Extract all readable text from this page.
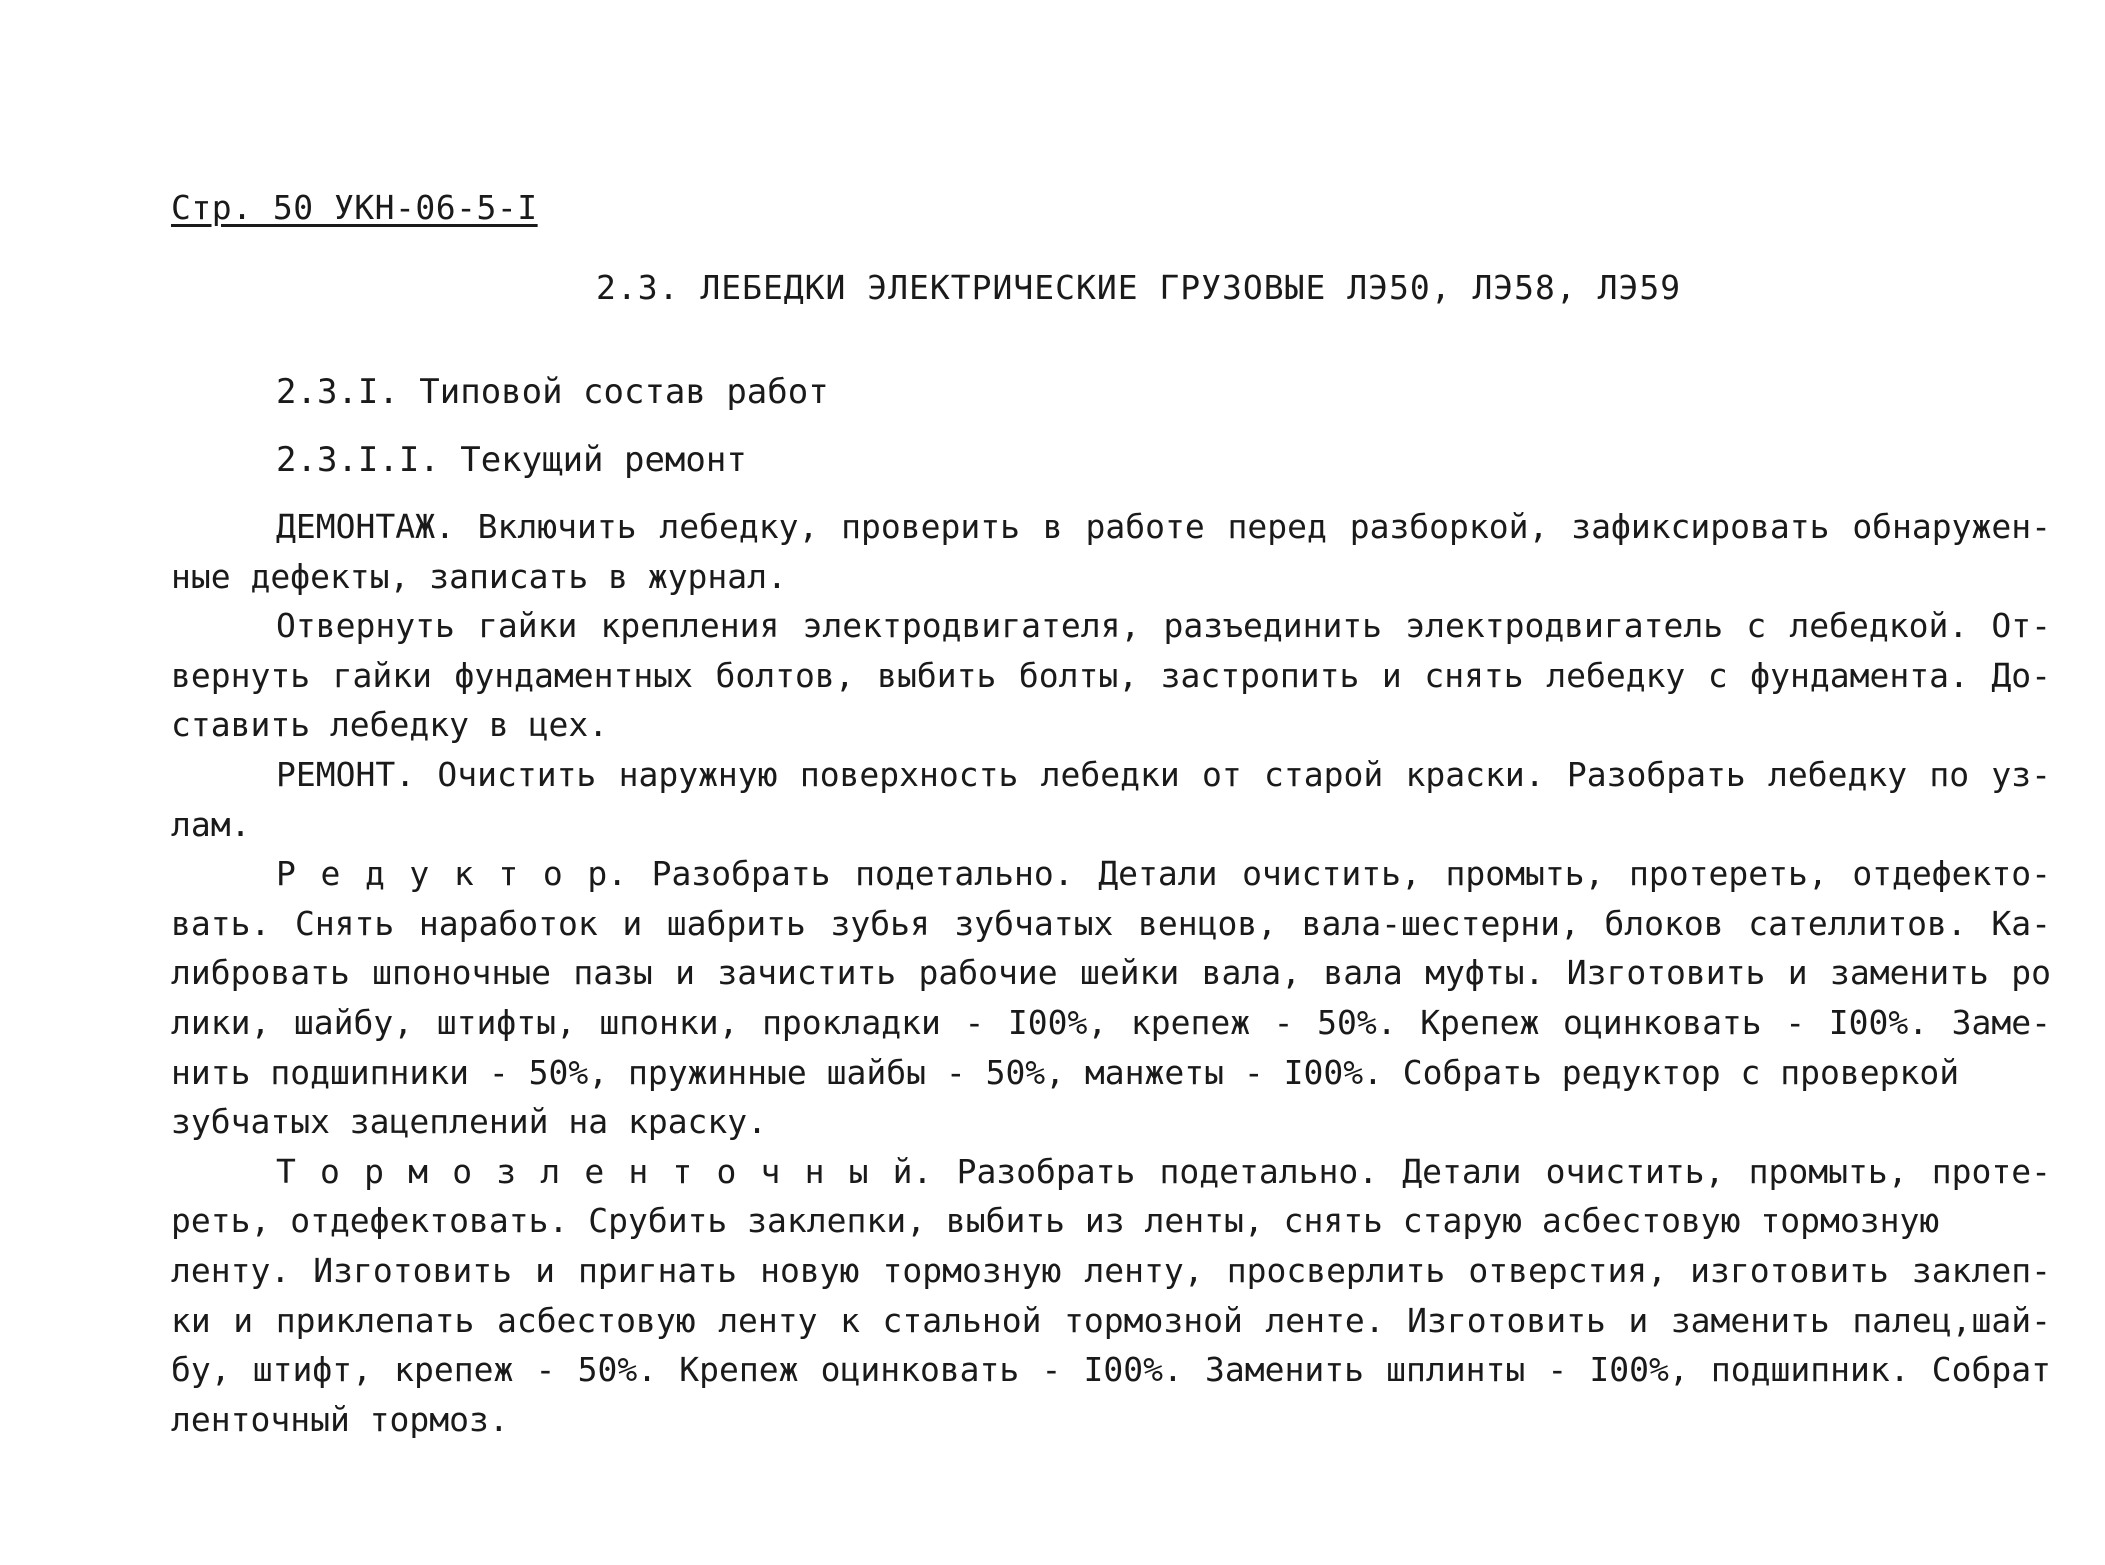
Стр. 50 УКН-06-5-I
2.3. ЛЕБЕДКИ ЭЛЕКТРИЧЕСКИЕ ГРУЗОВЫЕ ЛЭ50, ЛЭ58, ЛЭ59
2.3.I. Типовой состав работ
2.3.I.I. Текущий ремонт
ДЕМОНТАЖ. Включить лебедку, проверить в работе перед разборкой, зафиксировать обнаружен-
ные дефекты, записать в журнал.
Отвернуть гайки крепления электродвигателя, разъединить электродвигатель с лебедкой. От-
вернуть гайки фундаментных болтов, выбить болты, застропить и снять лебедку с фундамента. До-
ставить лебедку в цех.
РЕМОНТ. Очистить наружную поверхность лебедки от старой краски. Разобрать лебедку по уз-
лам.
Р е д у к т о р. Разобрать подетально. Детали очистить, промыть, протереть, отдефекто-
вать. Снять наработок и шабрить зубья зубчатых венцов, вала-шестерни, блоков сателлитов. Ка-
либровать шпоночные пазы и зачистить рабочие шейки вала, вала муфты. Изготовить и заменить ро
лики, шайбу, штифты, шпонки, прокладки - I00%, крепеж - 50%. Крепеж оцинковать - I00%. Заме-
нить подшипники - 50%, пружинные шайбы - 50%, манжеты - I00%. Собрать редуктор с проверкой
зубчатых зацеплений на краску.
Т о р м о з л е н т о ч н ы й. Разобрать подетально. Детали очистить, промыть, проте-
реть, отдефектовать. Срубить заклепки, выбить из ленты, снять старую асбестовую тормозную
ленту. Изготовить и пригнать новую тормозную ленту, просверлить отверстия, изготовить заклеп-
ки и приклепать асбестовую ленту к стальной тормозной ленте. Изготовить и заменить палец,шай-
бу, штифт, крепеж - 50%. Крепеж оцинковать - I00%. Заменить шплинты - I00%, подшипник. Собрат
ленточный тормоз.
